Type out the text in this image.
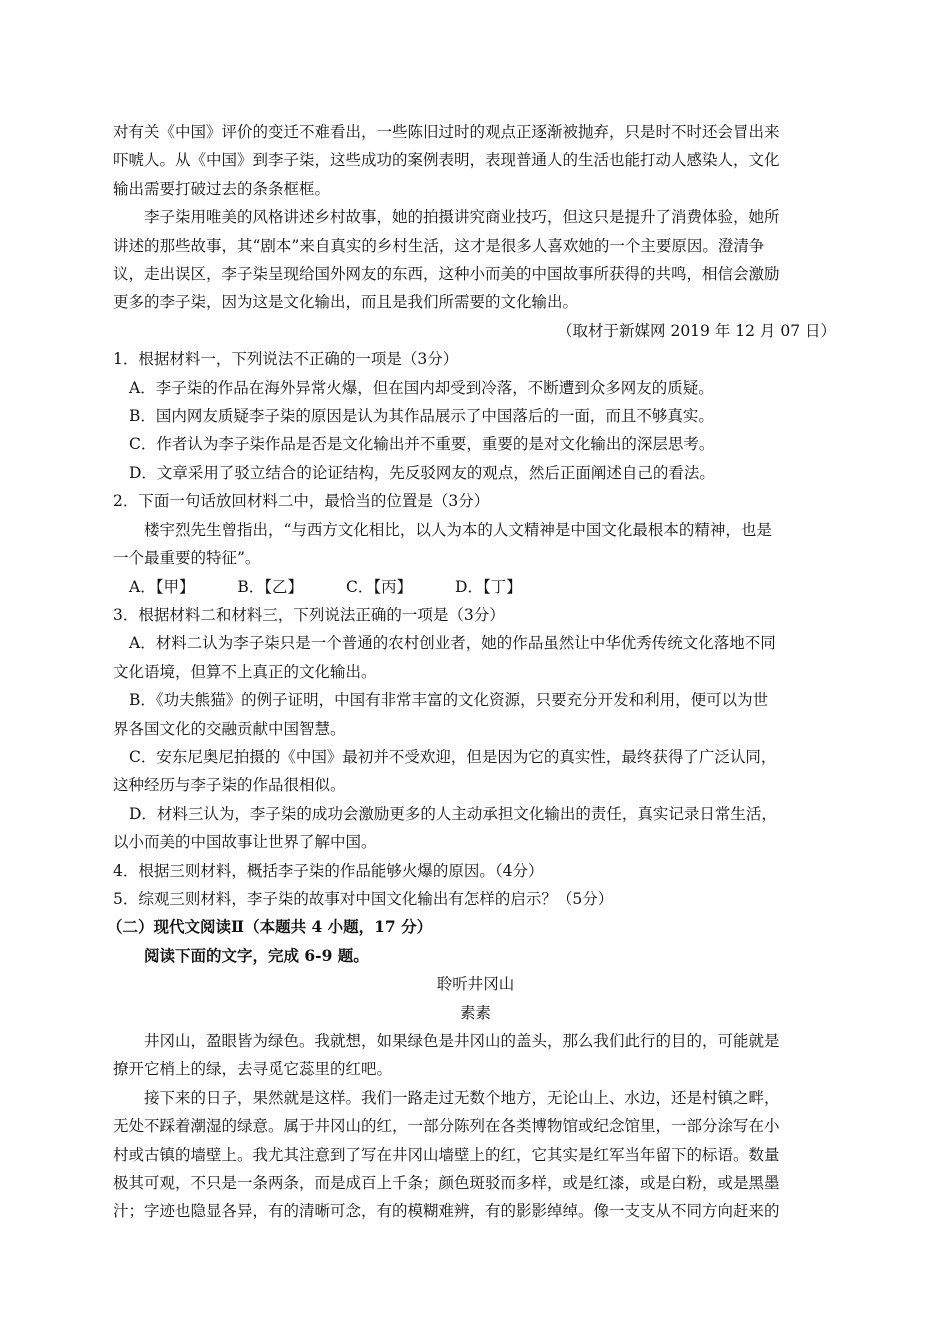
对有关《中国》评价的变迁不难看出，一些陈旧过时的观点正逐渐被抛弃，只是时不时还会冒出来
吓唬人。从《中国》到李子柒，这些成功的案例表明，表现普通人的生活也能打动人感染人，文化
输出需要打破过去的条条框框。
李子柒用唯美的风格讲述乡村故事，她的拍摄讲究商业技巧，但这只是提升了消费体验，她所
讲述的那些故事，其“剧本”来自真实的乡村生活，这才是很多人喜欢她的一个主要原因。澄清争
议，走出误区，李子柒呈现给国外网友的东西，这种小而美的中国故事所获得的共鸣，相信会激励
更多的李子柒，因为这是文化输出，而且是我们所需要的文化输出。
（取材于新媒网 2019 年 12 月 07 日）
1．根据材料一，下列说法不正确的一项是（3分）
A．李子柒的作品在海外异常火爆，但在国内却受到冷落，不断遭到众多网友的质疑。
B．国内网友质疑李子柒的原因是认为其作品展示了中国落后的一面，而且不够真实。
C．作者认为李子柒作品是否是文化输出并不重要，重要的是对文化输出的深层思考。
D．文章采用了驳立结合的论证结构，先反驳网友的观点，然后正面阐述自己的看法。
2．下面一句话放回材料二中，最恰当的位置是（3分）
楼宇烈先生曾指出，“与西方文化相比，以人为本的人文精神是中国文化最根本的精神，也是
一个最重要的特征”。
A．【甲】	B．【乙】	C．【丙】	D．【丁】
3．根据材料二和材料三，下列说法正确的一项是（3分）
A．材料二认为李子柒只是一个普通的农村创业者，她的作品虽然让中华优秀传统文化落地不同
文化语境，但算不上真正的文化输出。
B．《功夫熊猫》的例子证明，中国有非常丰富的文化资源，只要充分开发和利用，便可以为世
界各国文化的交融贡献中国智慧。
C．安东尼奥尼拍摄的《中国》最初并不受欢迎，但是因为它的真实性，最终获得了广泛认同，
这种经历与李子柒的作品很相似。
D．材料三认为，李子柒的成功会激励更多的人主动承担文化输出的责任，真实记录日常生活，
以小而美的中国故事让世界了解中国。
4．根据三则材料，概括李子柒的作品能够火爆的原因。（4分）
5．综观三则材料，李子柒的故事对中国文化输出有怎样的启示？（5分）
（二）现代文阅读Ⅱ（本题共 4 小题，17 分）
阅读下面的文字，完成 6-9 题。
聆听井冈山
素素
井冈山，盈眼皆为绿色。我就想，如果绿色是井冈山的盖头，那么我们此行的目的，可能就是
撩开它梢上的绿，去寻觅它蕊里的红吧。
接下来的日子，果然就是这样。我们一路走过无数个地方，无论山上、水边，还是村镇之畔，
无处不踩着潮湿的绿意。属于井冈山的红，一部分陈列在各类博物馆或纪念馆里，一部分涂写在小
村或古镇的墙壁上。我尤其注意到了写在井冈山墙壁上的红，它其实是红军当年留下的标语。数量
极其可观，不只是一条两条，而是成百上千条；颜色斑驳而多样，或是红漆，或是白粉，或是黑墨
汁；字迹也隐显各异，有的清晰可念，有的模糊难辨，有的影影绰绰。像一支支从不同方向赶来的
